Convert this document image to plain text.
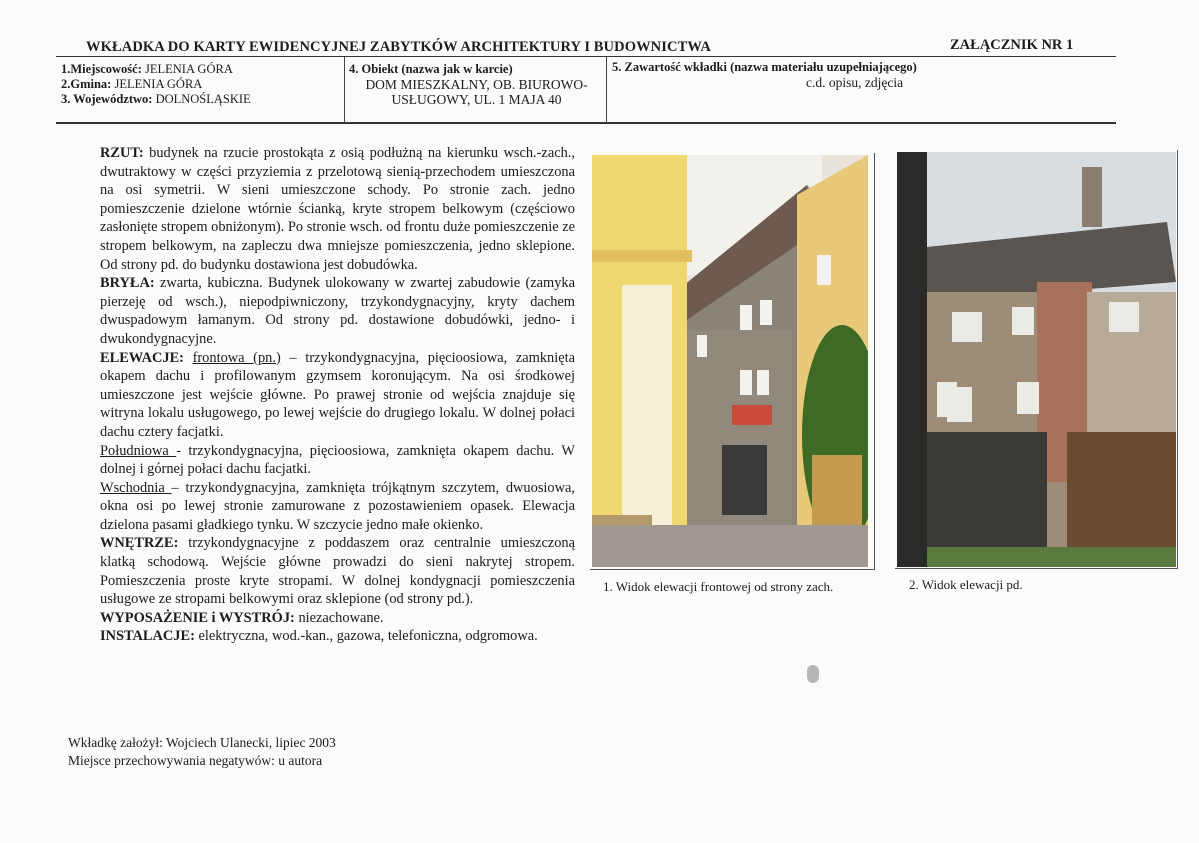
WKŁADKA DO KARTY EWIDENCYJNEJ ZABYTKÓW ARCHITEKTURY I BUDOWNICTWA	ZAŁĄCZNIK NR 1
1.Miejscowość: JELENIA GÓRA
2.Gmina: JELENIA GÓRA
3. Województwo: DOLNOŚLĄSKIE
4. Obiekt (nazwa jak w karcie)
DOM MIESZKALNY, OB. BIUROWO-
USŁUGOWY, UL. 1 MAJA 40
5. Zawartość wkładki (nazwa materiału uzupełniającego)
c.d. opisu, zdjęcia

RZUT: budynek na rzucie prostokąta z osią podłużną na kierunku wsch.-zach., dwutraktowy w części przyziemia z przelotową sienią-przechodem umieszczona na osi symetrii. W sieni umieszczone schody. Po stronie zach. jedno pomieszczenie dzielone wtórnie ścianką, kryte stropem belkowym (częściowo zasłonięte stropem obniżonym). Po stronie wsch. od frontu duże pomieszczenie ze stropem belkowym, na zapleczu dwa mniejsze pomieszczenia, jedno sklepione. Od strony pd. do budynku dostawiona jest dobudówka.

BRYŁA: zwarta, kubiczna. Budynek ulokowany w zwartej zabudowie (zamyka pierzeję od wsch.), niepodpiwniczony, trzykondygnacyjny, kryty dachem dwuspadowym łamanym. Od strony pd. dostawione dobudówki, jedno- i dwukondygnacyjne.

ELEWACJE: frontowa (pn.) – trzykondygnacyjna, pięcioosiowa, zamknięta okapem dachu i profilowanym gzymsem koronującym. Na osi środkowej umieszczone jest wejście główne. Po prawej stronie od wejścia znajduje się witryna lokalu usługowego, po lewej wejście do drugiego lokalu. W dolnej połaci dachu cztery facjatki.

Południowa - trzykondygnacyjna, pięcioosiowa, zamknięta okapem dachu. W dolnej i górnej połaci dachu facjatki.

Wschodnia – trzykondygnacyjna, zamknięta trójkątnym szczytem, dwuosiowa, okna osi po lewej stronie zamurowane z pozostawieniem opasek. Elewacja dzielona pasami gładkiego tynku. W szczycie jedno małe okienko.

WNĘTRZE: trzykondygnacyjne z poddaszem oraz centralnie umieszczoną klatką schodową. Wejście główne prowadzi do sieni nakrytej stropem. Pomieszczenia proste kryte stropami. W dolnej kondygnacji pomieszczenia usługowe ze stropami belkowymi oraz sklepione (od strony pd.).

WYPOSAŻENIE i WYSTRÓJ: niezachowane.

INSTALACJE: elektryczna, wod.-kan., gazowa, telefoniczna, odgromowa.

1. Widok elewacji frontowej od strony zach.	2. Widok elewacji pd.
Wkładkę założył: Wojciech Ulanecki, lipiec 2003
Miejsce przechowywania negatywów: u autora
